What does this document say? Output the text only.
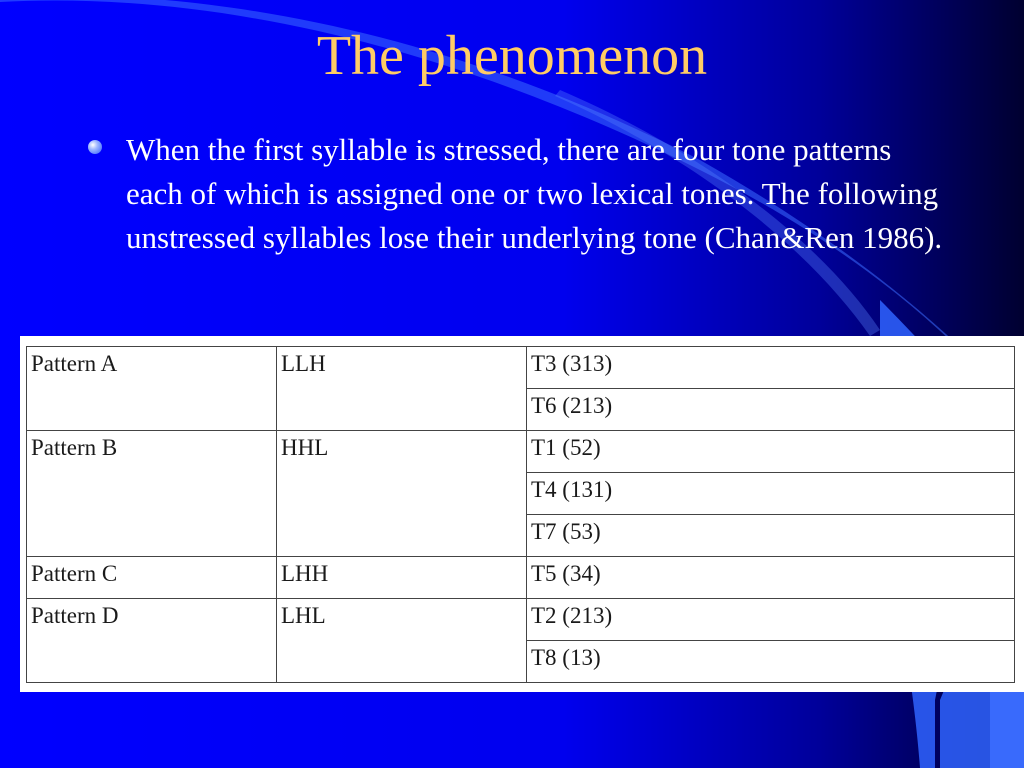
The phenomenon
When the first syllable is stressed, there are four tone patterns each of which is assigned one or two lexical tones. The following unstressed syllables lose their underlying tone (Chan&Ren 1986).
Pattern A	LLH	T3 (313)
		T6 (213)
Pattern B	HHL	T1 (52)
		T4 (131)
		T7 (53)
Pattern C	LHH	T5 (34)
Pattern D	LHL	T2 (213)
		T8 (13)
